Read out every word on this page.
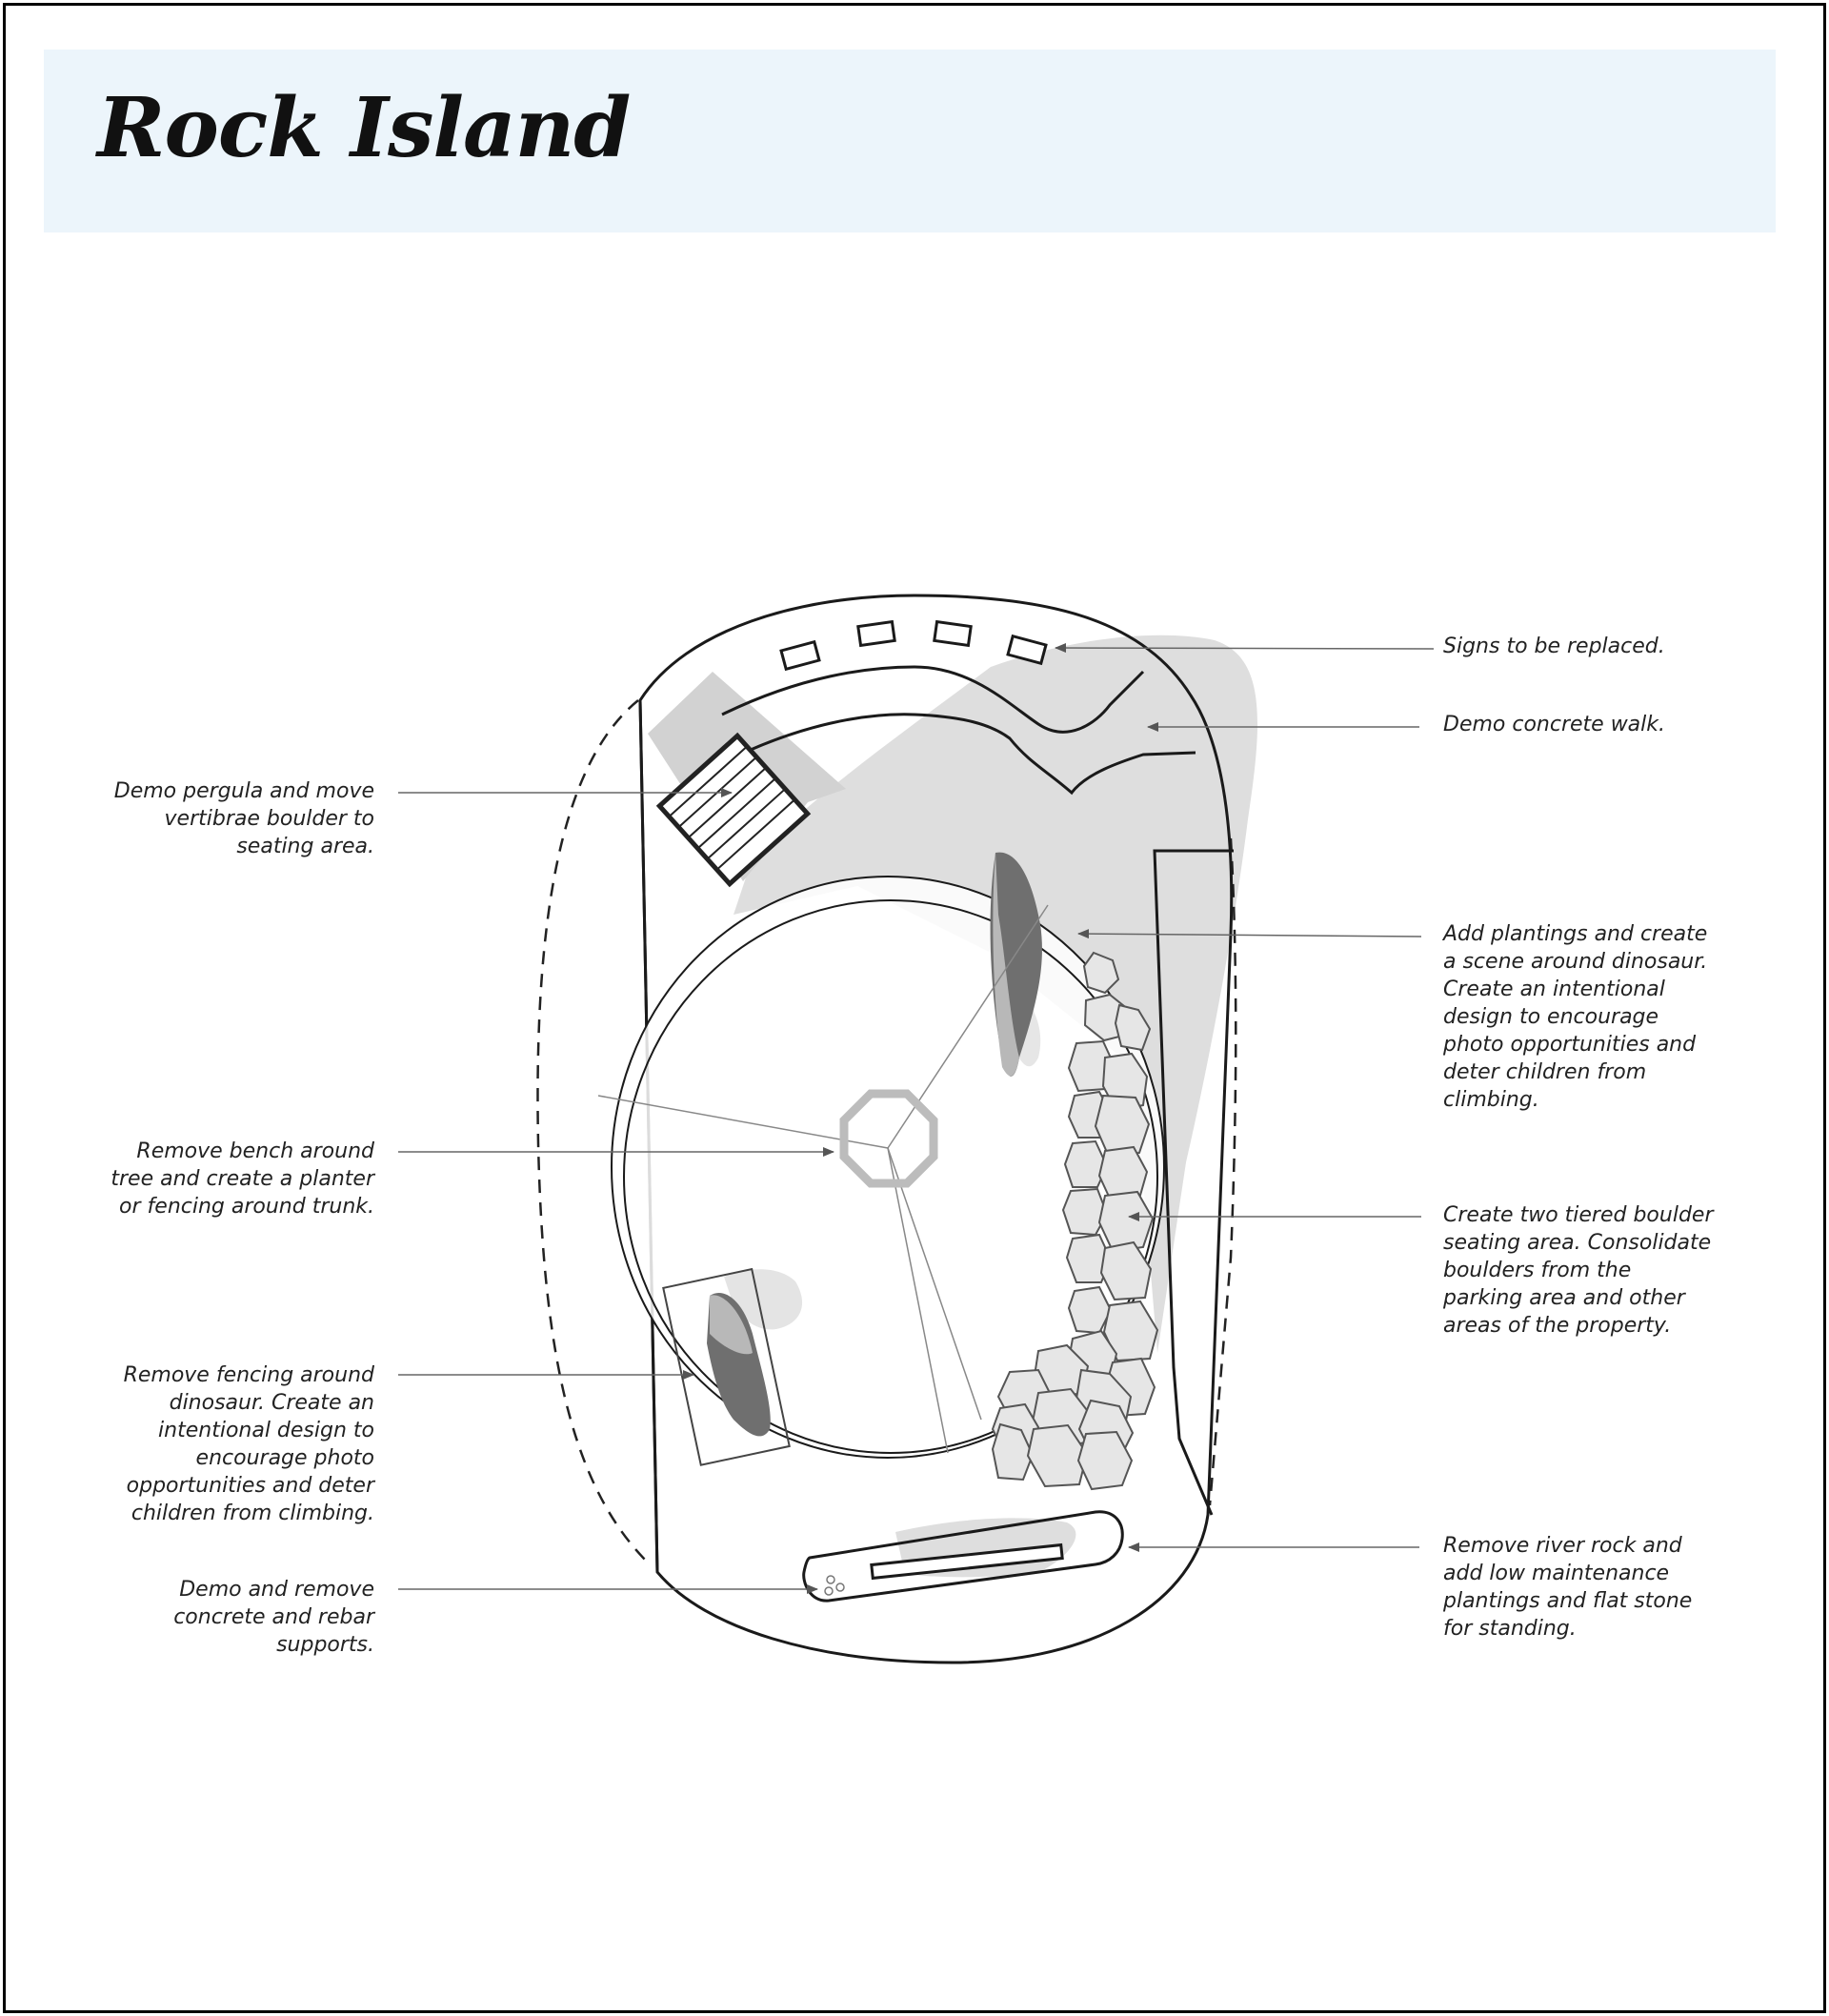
Rock Island

Signs to be replaced.

Demo concrete walk.

Demo pergula and move
vertibrae boulder to
seating area.

Add plantings and create
a scene around dinosaur.
Create an intentional
design to encourage
photo opportunities and
deter children from
climbing.

Remove bench around
tree and create a planter
or fencing around trunk.	Create two tiered boulder
seating area. Consolidate
boulders from the
parking area and other
areas of the property.

Remove fencing around
dinosaur. Create an
intentional design to
encourage photo
opportunities and deter
children from climbing.

Demo and remove
concrete and rebar
supports.

Remove river rock and
add low maintenance
plantings and flat stone
for standing.
